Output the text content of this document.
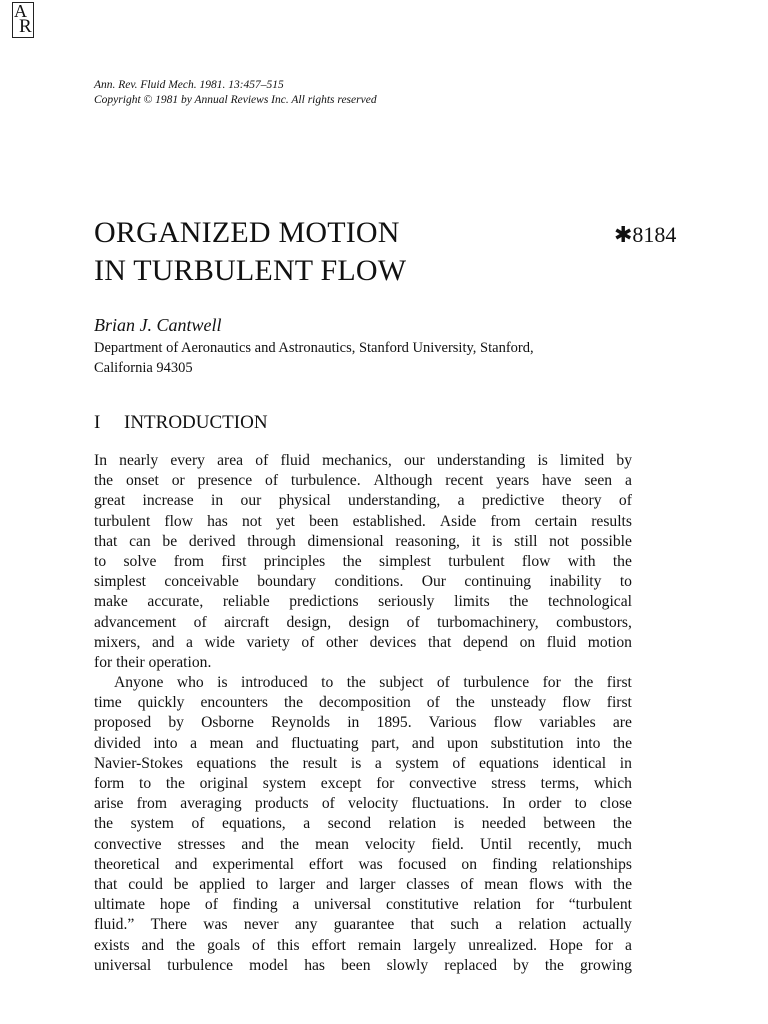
A
R
Ann. Rev. Fluid Mech. 1981. 13:457–515
Copyright © 1981 by Annual Reviews Inc. All rights reserved
ORGANIZED MOTION
IN TURBULENT FLOW
✱8184
Brian J. Cantwell
Department of Aeronautics and Astronautics, Stanford University, Stanford,
California 94305
I INTRODUCTION
In nearly every area of fluid mechanics, our understanding is limited by
the onset or presence of turbulence. Although recent years have seen a
great increase in our physical understanding, a predictive theory of
turbulent flow has not yet been established. Aside from certain results
that can be derived through dimensional reasoning, it is still not possible
to solve from first principles the simplest turbulent flow with the
simplest conceivable boundary conditions. Our continuing inability to
make accurate, reliable predictions seriously limits the technological
advancement of aircraft design, design of turbomachinery, combustors,
mixers, and a wide variety of other devices that depend on fluid motion
for their operation.
Anyone who is introduced to the subject of turbulence for the first
time quickly encounters the decomposition of the unsteady flow first
proposed by Osborne Reynolds in 1895. Various flow variables are
divided into a mean and fluctuating part, and upon substitution into the
Navier-Stokes equations the result is a system of equations identical in
form to the original system except for convective stress terms, which
arise from averaging products of velocity fluctuations. In order to close
the system of equations, a second relation is needed between the
convective stresses and the mean velocity field. Until recently, much
theoretical and experimental effort was focused on finding relationships
that could be applied to larger and larger classes of mean flows with the
ultimate hope of finding a universal constitutive relation for “turbulent
fluid.” There was never any guarantee that such a relation actually
exists and the goals of this effort remain largely unrealized. Hope for a
universal turbulence model has been slowly replaced by the growing
